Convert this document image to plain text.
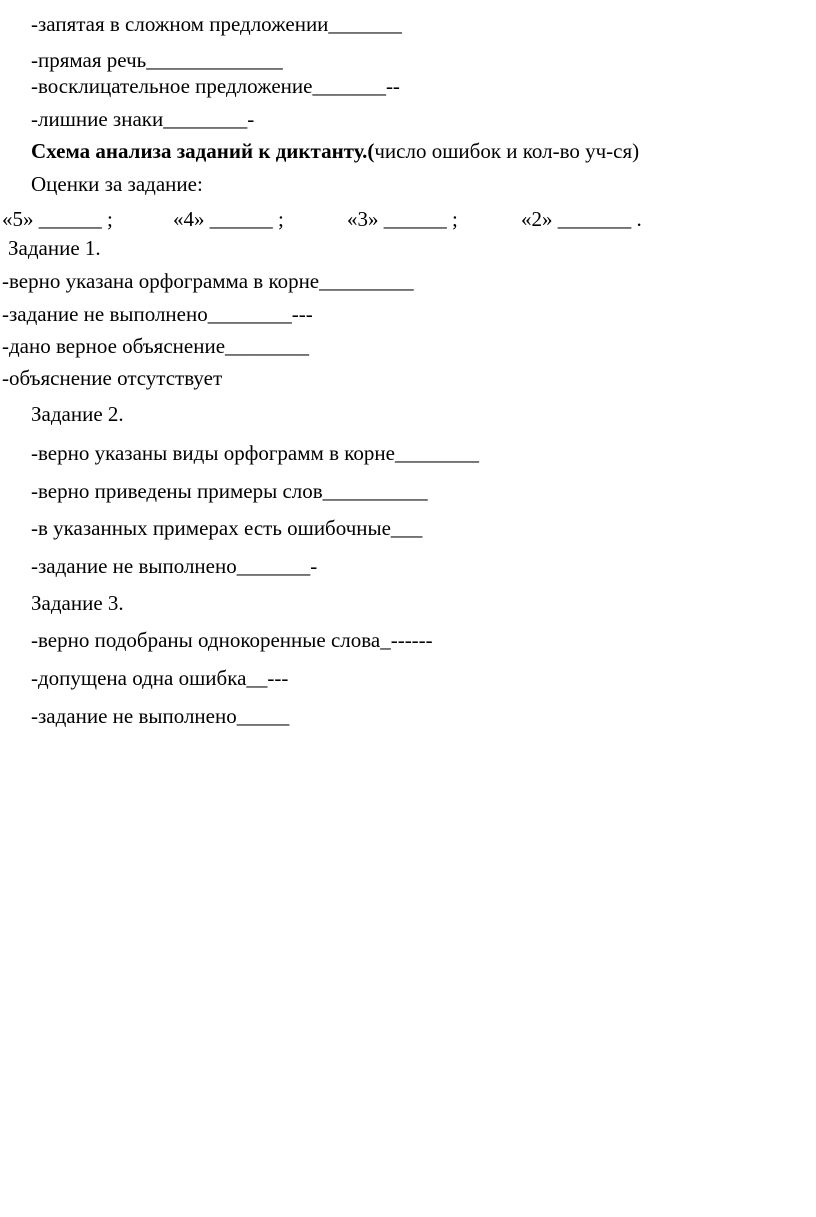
-запятая в сложном предложении_______
-прямая речь_____________
-восклицательное предложение_______--
-лишние знаки________-
Схема анализа заданий к диктанту.(число ошибок и кол-во уч-ся)
Оценки за задание:
«5» ______ ;	«4» ______ ;	«3» ______ ;	«2» _______ .
Задание 1.
-верно указана орфограмма в корне_________
-задание не выполнено________---
-дано верное объяснение________
-объяснение отсутствует
Задание 2.
-верно указаны виды орфограмм в корне________
-верно приведены примеры слов__________
-в указанных примерах есть ошибочные___
-задание не выполнено_______-
Задание 3.
-верно подобраны однокоренные слова_------
-допущена одна ошибка__---
-задание не выполнено_____
